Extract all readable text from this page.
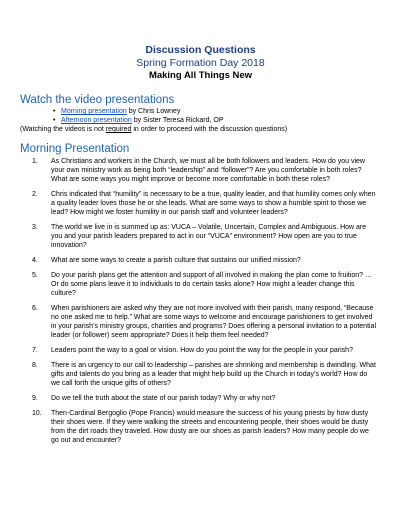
Discussion Questions
Spring Formation Day 2018
Making All Things New
Watch the video presentations
• Morning presentation by Chris Lowney
• Afternoon presentation by Sister Teresa Rickard, OP
(Watching the videos is not required in order to proceed with the discussion questions)
Morning Presentation
1. As Christians and workers in the Church, we must all be both followers and leaders. How do you view your own ministry work as being both “leadership” and “follower”? Are you comfortable in both roles? What are some ways you might improve or become more comfortable in both these roles?
2. Chris indicated that “humility” is necessary to be a true, quality leader, and that humility comes only when a quality leader loves those he or she leads. What are some ways to show a humble spirit to those we lead? How might we foster humility in our parish staff and volunteer leaders?
3. The world we live in is summed up as: VUCA – Volatile, Uncertain, Complex and Ambiguous. How are you and your parish leaders prepared to act in our “VUCA” environment? How open are you to true innovation?
4. What are some ways to create a parish culture that sustains our unified mission?
5. Do your parish plans get the attention and support of all involved in making the plan come to fruition? … Or do some plans leave it to individuals to do certain tasks alone? How might a leader change this culture?
6. When parishioners are asked why they are not more involved with their parish, many respond, “Because no one asked me to help.” What are some ways to welcome and encourage parishioners to get involved in your parish’s ministry groups, charities and programs? Does offering a personal invitation to a potential leader (or follower) seem appropriate? Does it help them feel needed?
7. Leaders point the way to a goal or vision. How do you point the way for the people in your parish?
8. There is an urgency to our call to leadership – parishes are shrinking and membership is dwindling. What gifts and talents do you bring as a leader that might help build up the Church in today’s world? How do we call forth the unique gifts of others?
9. Do we tell the truth about the state of our parish today? Why or why not?
10. Then-Cardinal Bergoglio (Pope Francis) would measure the success of his young priests by how dusty their shoes were. If they were walking the streets and encountering people, their shoes would be dusty from the dirt roads they traveled. How dusty are our shoes as parish leaders? How many people do we go out and encounter?
